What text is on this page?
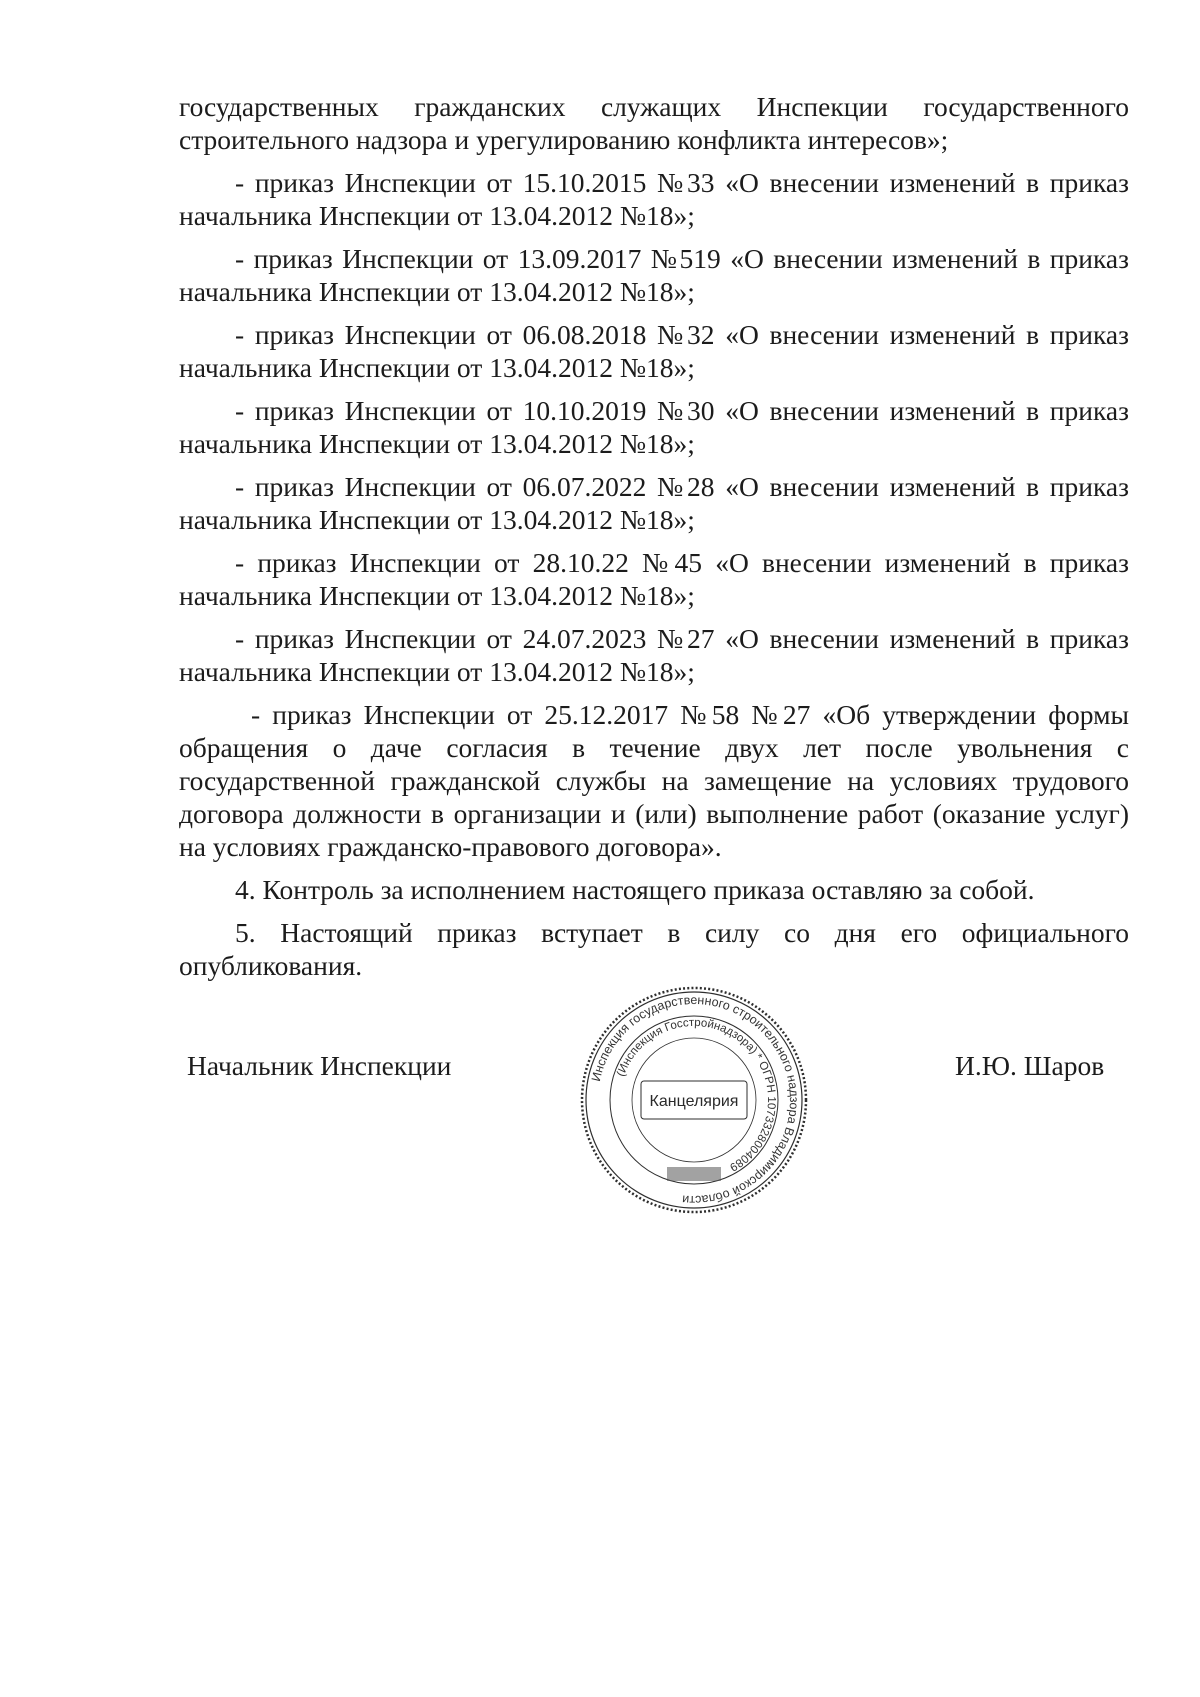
государственных гражданских служащих Инспекции государственного строительного надзора и урегулированию конфликта интересов»;

- приказ Инспекции от 15.10.2015 №33 «О внесении изменений в приказ начальника Инспекции от 13.04.2012 №18»;

- приказ Инспекции от 13.09.2017 №519 «О внесении изменений в приказ начальника Инспекции от 13.04.2012 №18»;

- приказ Инспекции от 06.08.2018 №32 «О внесении изменений в приказ начальника Инспекции от 13.04.2012 №18»;

- приказ Инспекции от 10.10.2019 №30 «О внесении изменений в приказ начальника Инспекции от 13.04.2012 №18»;

- приказ Инспекции от 06.07.2022 №28 «О внесении изменений в приказ начальника Инспекции от 13.04.2012 №18»;

- приказ Инспекции от 28.10.22 №45 «О внесении изменений в приказ начальника Инспекции от 13.04.2012 №18»;

- приказ Инспекции от 24.07.2023 №27 «О внесении изменений в приказ начальника Инспекции от 13.04.2012 №18»;

- приказ Инспекции от 25.12.2017 №58 №27 «Об утверждении формы обращения о даче согласия в течение двух лет после увольнения с государственной гражданской службы на замещение на условиях трудового договора должности в организации и (или) выполнение работ (оказание услуг) на условиях гражданско-правового договора».

4. Контроль за исполнением настоящего приказа оставляю за собой.

5. Настоящий приказ вступает в силу со дня его официального опубликования.

Начальник Инспекции	И.Ю. Шаров
Инспекция государственного строительного надзора Владимирской области
(Инспекция Госстройнадзора) * ОГРН 1073328004089
Канцелярия
